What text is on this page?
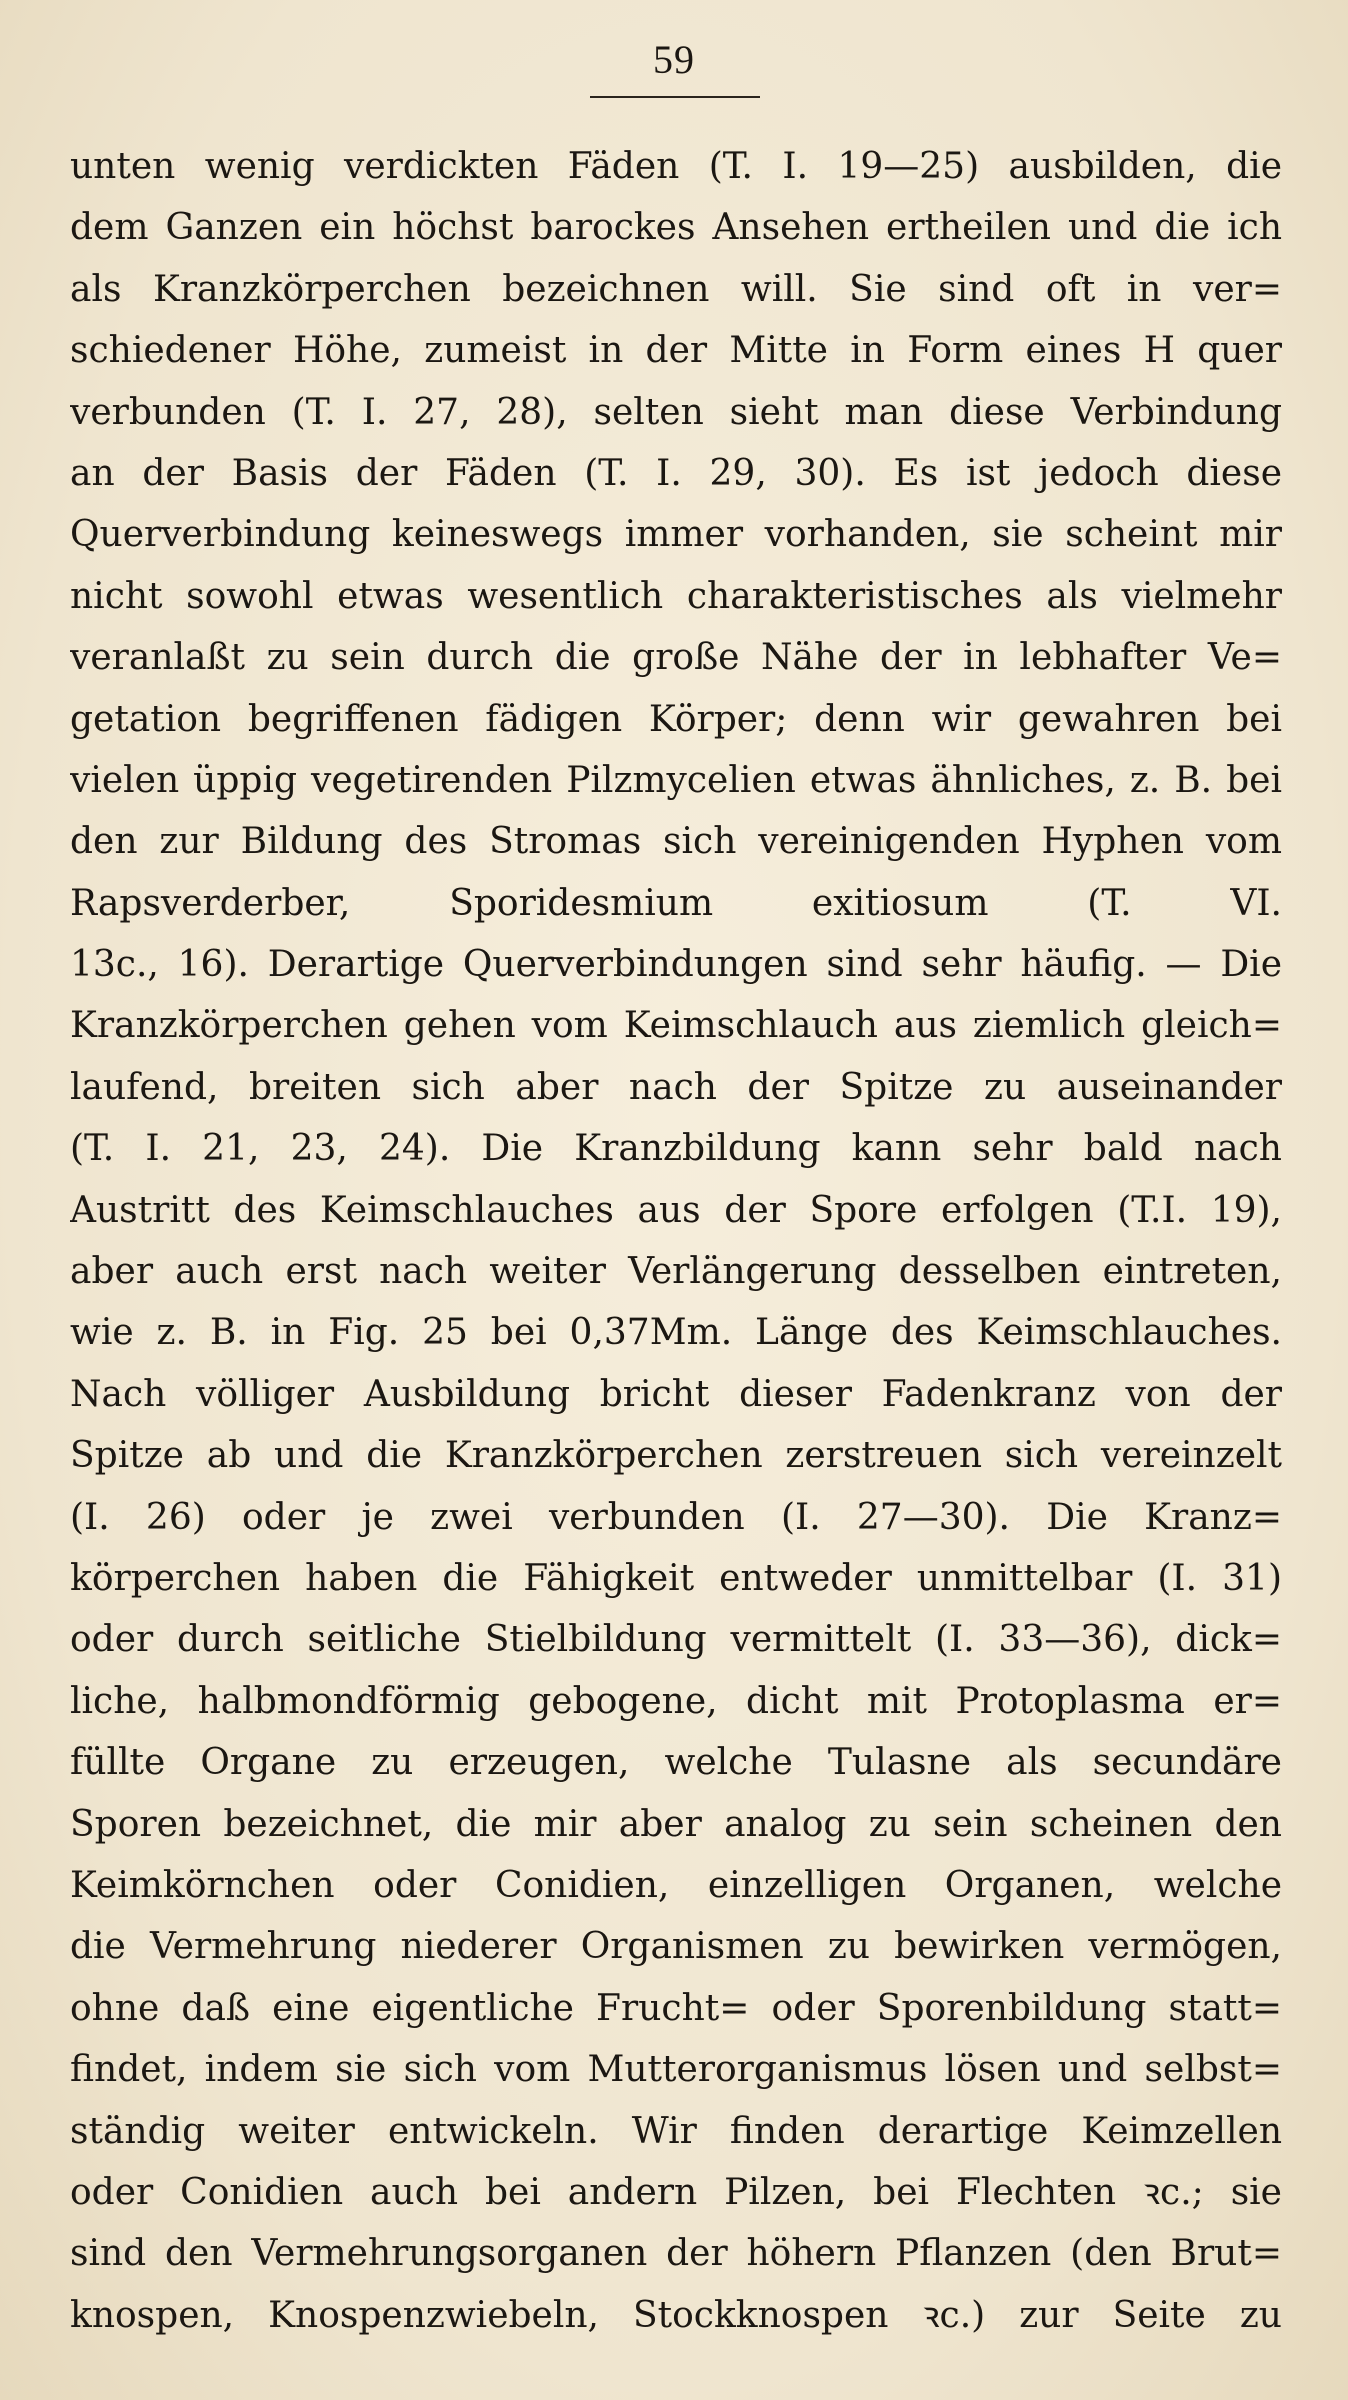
59
unten wenig verdickten Fäden (T. I. 19—25) ausbilden, die
dem Ganzen ein höchst barockes Ansehen ertheilen und die ich
als Kranzkörperchen bezeichnen will. Sie sind oft in ver=
schiedener Höhe, zumeist in der Mitte in Form eines H quer
verbunden (T. I. 27, 28), selten sieht man diese Verbindung
an der Basis der Fäden (T. I. 29, 30). Es ist jedoch diese
Querverbindung keineswegs immer vorhanden, sie scheint mir
nicht sowohl etwas wesentlich charakteristisches als vielmehr
veranlaßt zu sein durch die große Nähe der in lebhafter Ve=
getation begriffenen fädigen Körper; denn wir gewahren bei
vielen üppig vegetirenden Pilzmycelien etwas ähnliches, z. B. bei
den zur Bildung des Stromas sich vereinigenden Hyphen vom
Rapsverderber, Sporidesmium exitiosum (T. VI.
13c., 16). Derartige Querverbindungen sind sehr häufig. — Die
Kranzkörperchen gehen vom Keimschlauch aus ziemlich gleich=
laufend, breiten sich aber nach der Spitze zu auseinander
(T. I. 21, 23, 24). Die Kranzbildung kann sehr bald nach
Austritt des Keimschlauches aus der Spore erfolgen (T.I. 19),
aber auch erst nach weiter Verlängerung desselben eintreten,
wie z. B. in Fig. 25 bei 0,37Mm. Länge des Keimschlauches.
Nach völliger Ausbildung bricht dieser Fadenkranz von der
Spitze ab und die Kranzkörperchen zerstreuen sich vereinzelt
(I. 26) oder je zwei verbunden (I. 27—30). Die Kranz=
körperchen haben die Fähigkeit entweder unmittelbar (I. 31)
oder durch seitliche Stielbildung vermittelt (I. 33—36), dick=
liche, halbmondförmig gebogene, dicht mit Protoplasma er=
füllte Organe zu erzeugen, welche Tulasne als secundäre
Sporen bezeichnet, die mir aber analog zu sein scheinen den
Keimkörnchen oder Conidien, einzelligen Organen, welche
die Vermehrung niederer Organismen zu bewirken vermögen,
ohne daß eine eigentliche Frucht= oder Sporenbildung statt=
findet, indem sie sich vom Mutterorganismus lösen und selbst=
ständig weiter entwickeln. Wir finden derartige Keimzellen
oder Conidien auch bei andern Pilzen, bei Flechten ꝛc.; sie
sind den Vermehrungsorganen der höhern Pflanzen (den Brut=
knospen, Knospenzwiebeln, Stockknospen ꝛc.) zur Seite zu
